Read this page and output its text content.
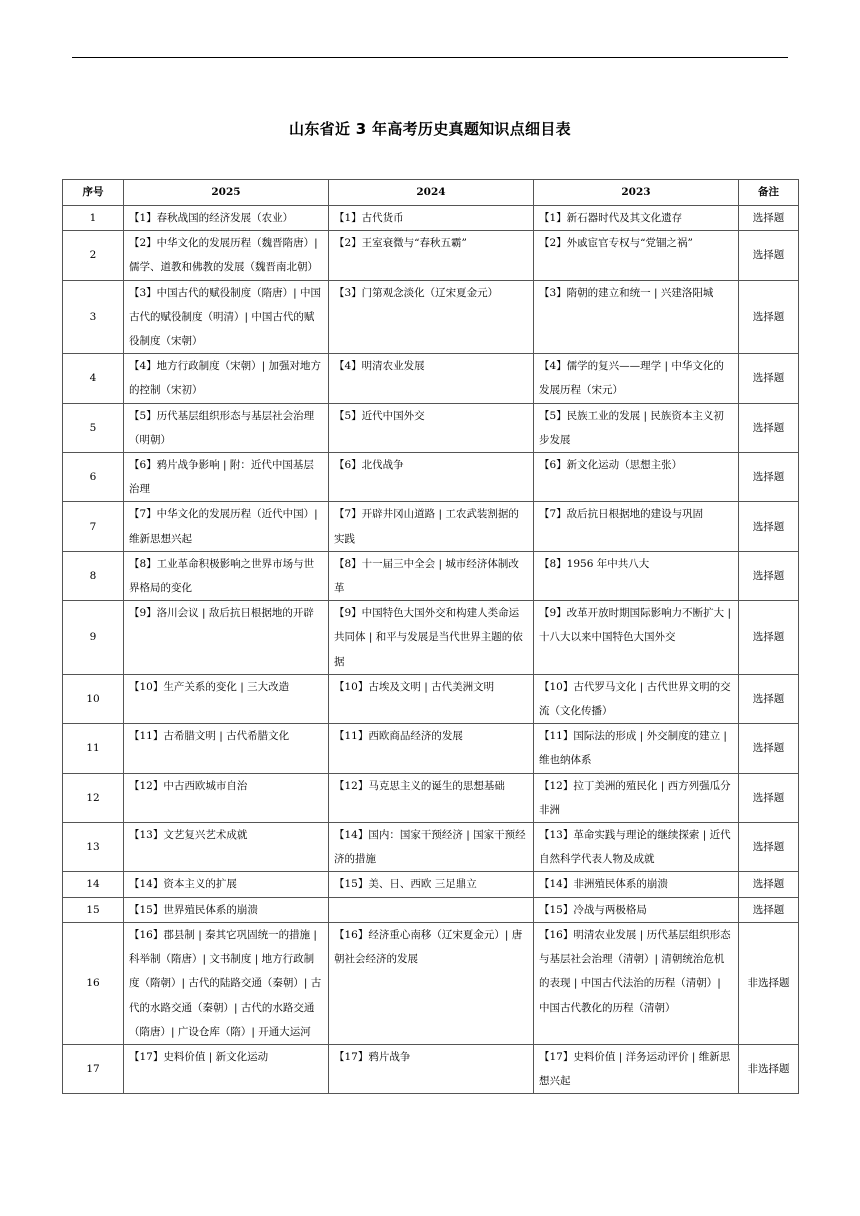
山东省近 3 年高考历史真题知识点细目表
序号	2025	2024	2023	备注
1	【1】春秋战国的经济发展（农业）	【1】古代货币	【1】新石器时代及其文化遗存	选择题
2	【2】中华文化的发展历程（魏晋隋唐）| 儒学、道教和佛教的发展（魏晋南北朝）	【2】王室衰微与“春秋五霸”	【2】外戚宦官专权与“党锢之祸”	选择题
3	【3】中国古代的赋役制度（隋唐）| 中国古代的赋役制度（明清）| 中国古代的赋役制度（宋朝）	【3】门第观念淡化（辽宋夏金元）	【3】隋朝的建立和统一 | 兴建洛阳城	选择题
4	【4】地方行政制度（宋朝）| 加强对地方的控制（宋初）	【4】明清农业发展	【4】儒学的复兴——理学 | 中华文化的发展历程（宋元）	选择题
5	【5】历代基层组织形态与基层社会治理（明朝）	【5】近代中国外交	【5】民族工业的发展 | 民族资本主义初步发展	选择题
6	【6】鸦片战争影响 | 附：近代中国基层治理	【6】北伐战争	【6】新文化运动（思想主张）	选择题
7	【7】中华文化的发展历程（近代中国）| 维新思想兴起	【7】开辟井冈山道路 | 工农武装割据的实践	【7】敌后抗日根据地的建设与巩固	选择题
8	【8】工业革命积极影响之世界市场与世界格局的变化	【8】十一届三中全会 | 城市经济体制改革	【8】1956 年中共八大	选择题
9	【9】洛川会议 | 敌后抗日根据地的开辟	【9】中国特色大国外交和构建人类命运共同体 | 和平与发展是当代世界主题的依据	【9】改革开放时期国际影响力不断扩大 | 十八大以来中国特色大国外交	选择题
10	【10】生产关系的变化 | 三大改造	【10】古埃及文明 | 古代美洲文明	【10】古代罗马文化 | 古代世界文明的交流（文化传播）	选择题
11	【11】古希腊文明 | 古代希腊文化	【11】西欧商品经济的发展	【11】国际法的形成 | 外交制度的建立 | 维也纳体系	选择题
12	【12】中古西欧城市自治	【12】马克思主义的诞生的思想基础	【12】拉丁美洲的殖民化 | 西方列强瓜分非洲	选择题
13	【13】文艺复兴艺术成就	【14】国内：国家干预经济 | 国家干预经济的措施	【13】革命实践与理论的继续探索 | 近代自然科学代表人物及成就	选择题
14	【14】资本主义的扩展	【15】美、日、西欧 三足鼎立	【14】非洲殖民体系的崩溃	选择题
15	【15】世界殖民体系的崩溃		【15】冷战与两极格局	选择题
16	【16】郡县制 | 秦其它巩固统一的措施 | 科举制（隋唐）| 文书制度 | 地方行政制度（隋朝）| 古代的陆路交通（秦朝）| 古代的水路交通（秦朝）| 古代的水路交通（隋唐）| 广设仓库（隋）| 开通大运河	【16】经济重心南移（辽宋夏金元）| 唐朝社会经济的发展	【16】明清农业发展 | 历代基层组织形态与基层社会治理（清朝）| 清朝统治危机的表现 | 中国古代法治的历程（清朝）| 中国古代教化的历程（清朝）	非选择题
17	【17】史料价值 | 新文化运动	【17】鸦片战争	【17】史料价值 | 洋务运动评价 | 维新思想兴起	非选择题
